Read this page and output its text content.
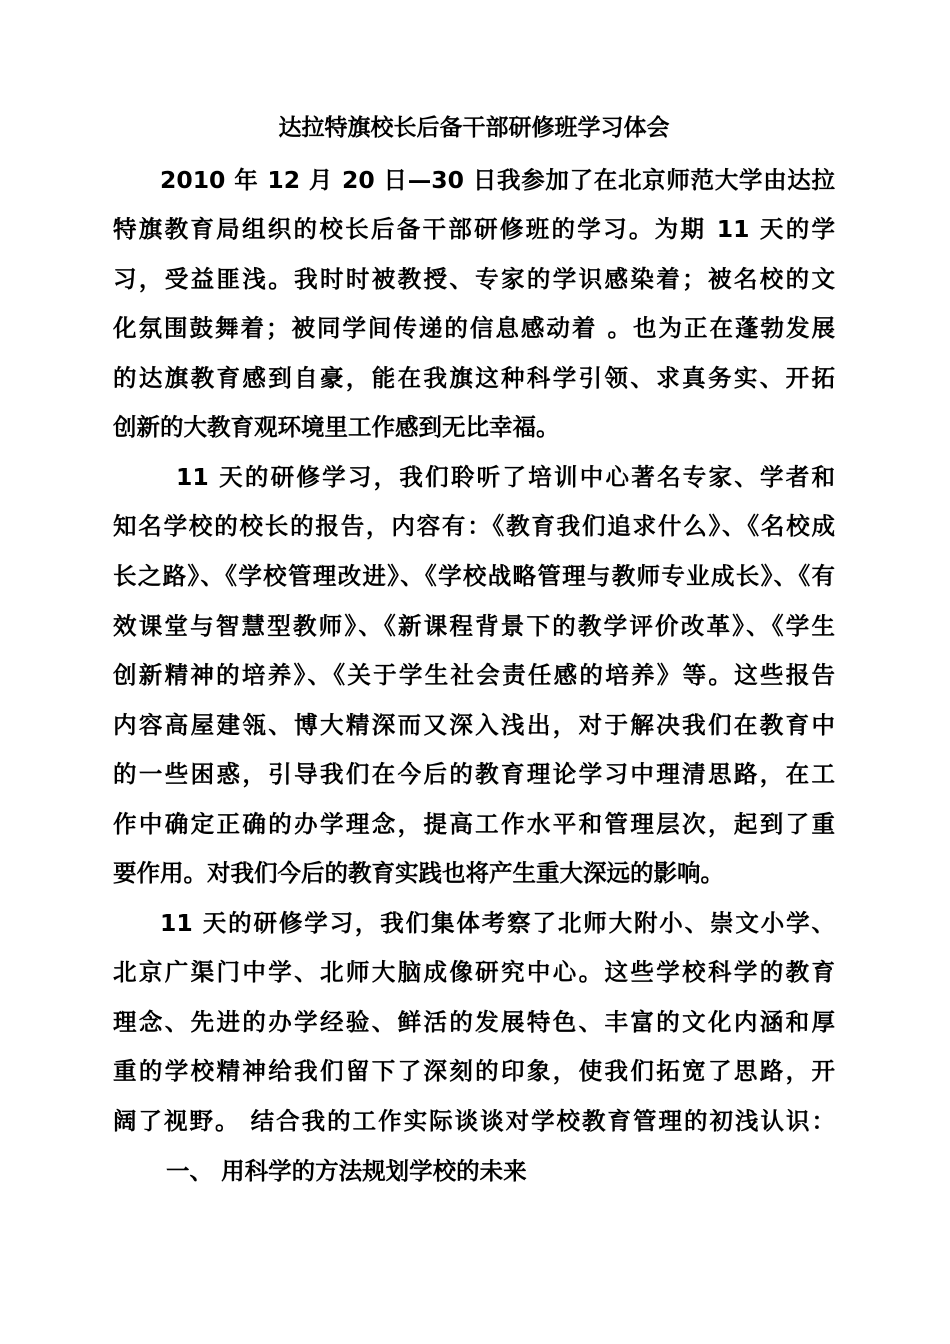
达拉特旗校长后备干部研修班学习体会
2010 年 12 月 20 日—30 日我参加了在北京师范大学由达拉
特旗教育局组织的校长后备干部研修班的学习。为期 11 天的学
习，受益匪浅。我时时被教授、专家的学识感染着；被名校的文
化氛围鼓舞着；被同学间传递的信息感动着 。也为正在蓬勃发展
的达旗教育感到自豪，能在我旗这种科学引领、求真务实、开拓
创新的大教育观环境里工作感到无比幸福。
11 天的研修学习，我们聆听了培训中心著名专家、学者和
知名学校的校长的报告，内容有：《教育我们追求什么》、《名校成
长之路》、《学校管理改进》、《学校战略管理与教师专业成长》、《有
效课堂与智慧型教师》、《新课程背景下的教学评价改革》、《学生
创新精神的培养》、《关于学生社会责任感的培养》等。这些报告
内容高屋建瓴、博大精深而又深入浅出，对于解决我们在教育中
的一些困惑，引导我们在今后的教育理论学习中理清思路，在工
作中确定正确的办学理念，提高工作水平和管理层次，起到了重
要作用。对我们今后的教育实践也将产生重大深远的影响。
11 天的研修学习，我们集体考察了北师大附小、崇文小学、
北京广渠门中学、北师大脑成像研究中心。这些学校科学的教育
理念、先进的办学经验、鲜活的发展特色、丰富的文化内涵和厚
重的学校精神给我们留下了深刻的印象，使我们拓宽了思路，开
阔了视野。 结合我的工作实际谈谈对学校教育管理的初浅认识：
一、 用科学的方法规划学校的未来
